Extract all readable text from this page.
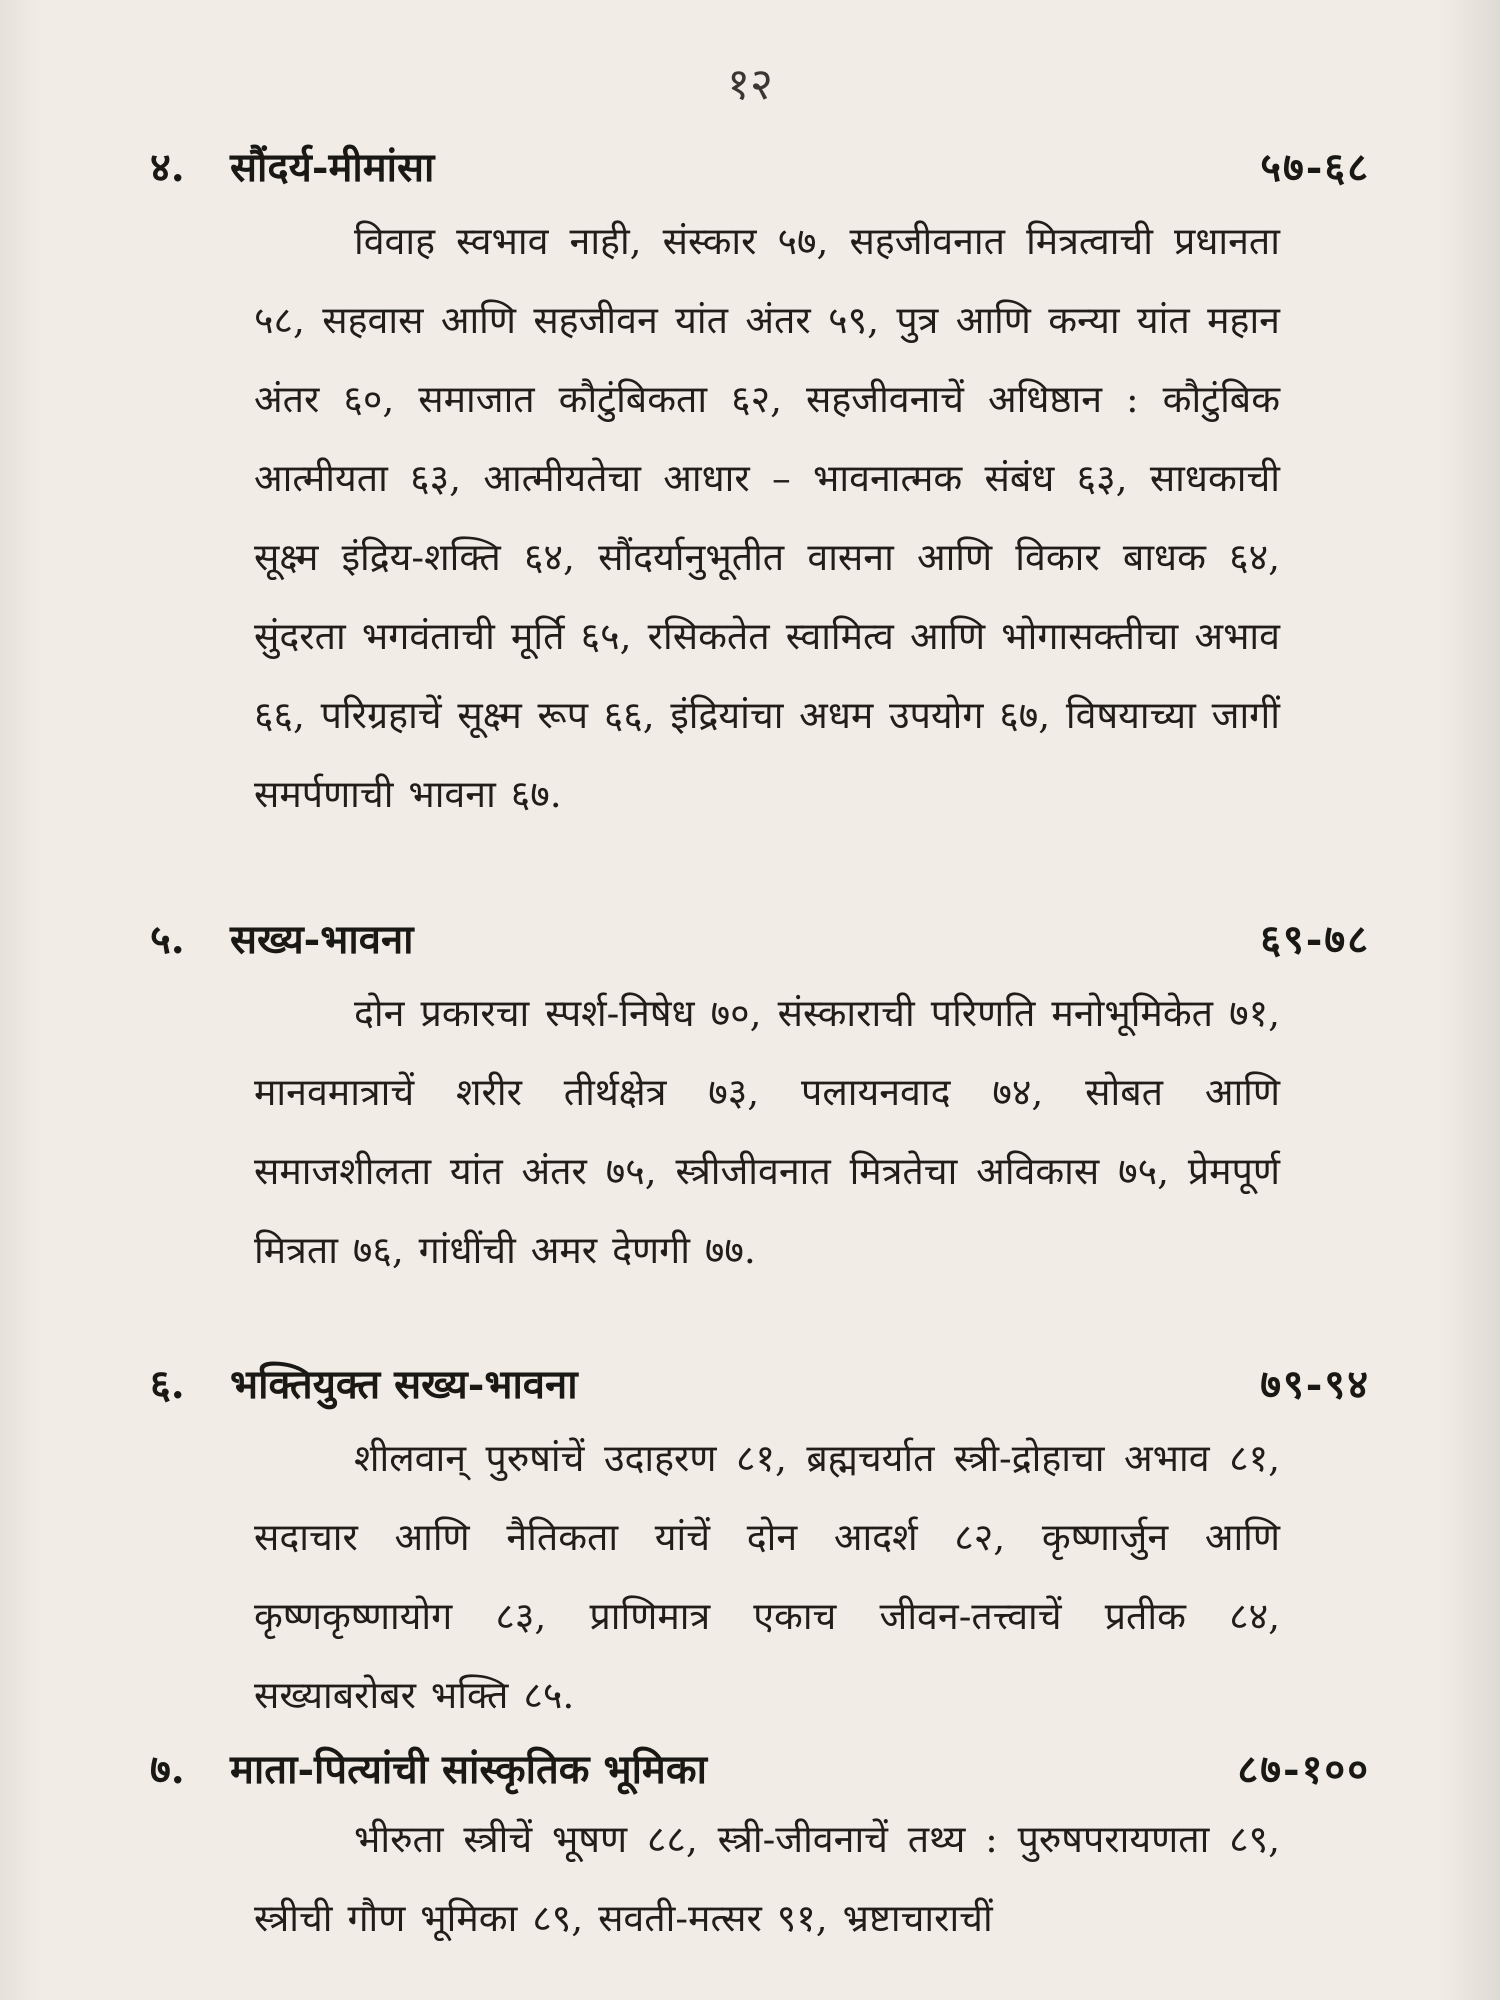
१२
४.	सौंदर्य-मीमांसा	५७-६८
विवाह स्वभाव नाही, संस्कार ५७, सहजीवनात मित्रत्वाची प्रधानता ५८, सहवास आणि सहजीवन यांत अंतर ५९, पुत्र आणि कन्या यांत महान अंतर ६०, समाजात कौटुंबिकता ६२, सहजीवनाचें अधिष्ठान : कौटुंबिक आत्मीयता ६३, आत्मीयतेचा आधार – भावनात्मक संबंध ६३, साधकाची सूक्ष्म इंद्रिय-शक्ति ६४, सौंदर्यानुभूतीत वासना आणि विकार बाधक ६४, सुंदरता भगवंताची मूर्ति ६५, रसिकतेत स्वामित्व आणि भोगासक्तीचा अभाव ६६, परिग्रहाचें सूक्ष्म रूप ६६, इंद्रियांचा अधम उपयोग ६७, विषयाच्या जागीं समर्पणाची भावना ६७.
५.	सख्य-भावना	६९-७८
दोन प्रकारचा स्पर्श-निषेध ७०, संस्काराची परिणति मनोभूमिकेत ७१, मानवमात्राचें शरीर तीर्थक्षेत्र ७३, पलायनवाद ७४, सोबत आणि समाजशीलता यांत अंतर ७५, स्त्रीजीवनात मित्रतेचा अविकास ७५, प्रेमपूर्ण मित्रता ७६, गांधींची अमर देणगी ७७.
६.	भक्तियुक्त सख्य-भावना	७९-९४
शीलवान् पुरुषांचें उदाहरण ८१, ब्रह्मचर्यात स्त्री-द्रोहाचा अभाव ८१, सदाचार आणि नैतिकता यांचें दोन आदर्श ८२, कृष्णार्जुन आणि कृष्णकृष्णायोग ८३, प्राणिमात्र एकाच जीवन-तत्त्वाचें प्रतीक ८४, सख्याबरोबर भक्ति ८५.
७.	माता-पित्यांची सांस्कृतिक भूमिका	८७-१००
भीरुता स्त्रीचें भूषण ८८, स्त्री-जीवनाचें तथ्य : पुरुषपरायणता ८९, स्त्रीची गौण भूमिका ८९, सवती-मत्सर ९१, भ्रष्टाचाराचीं
